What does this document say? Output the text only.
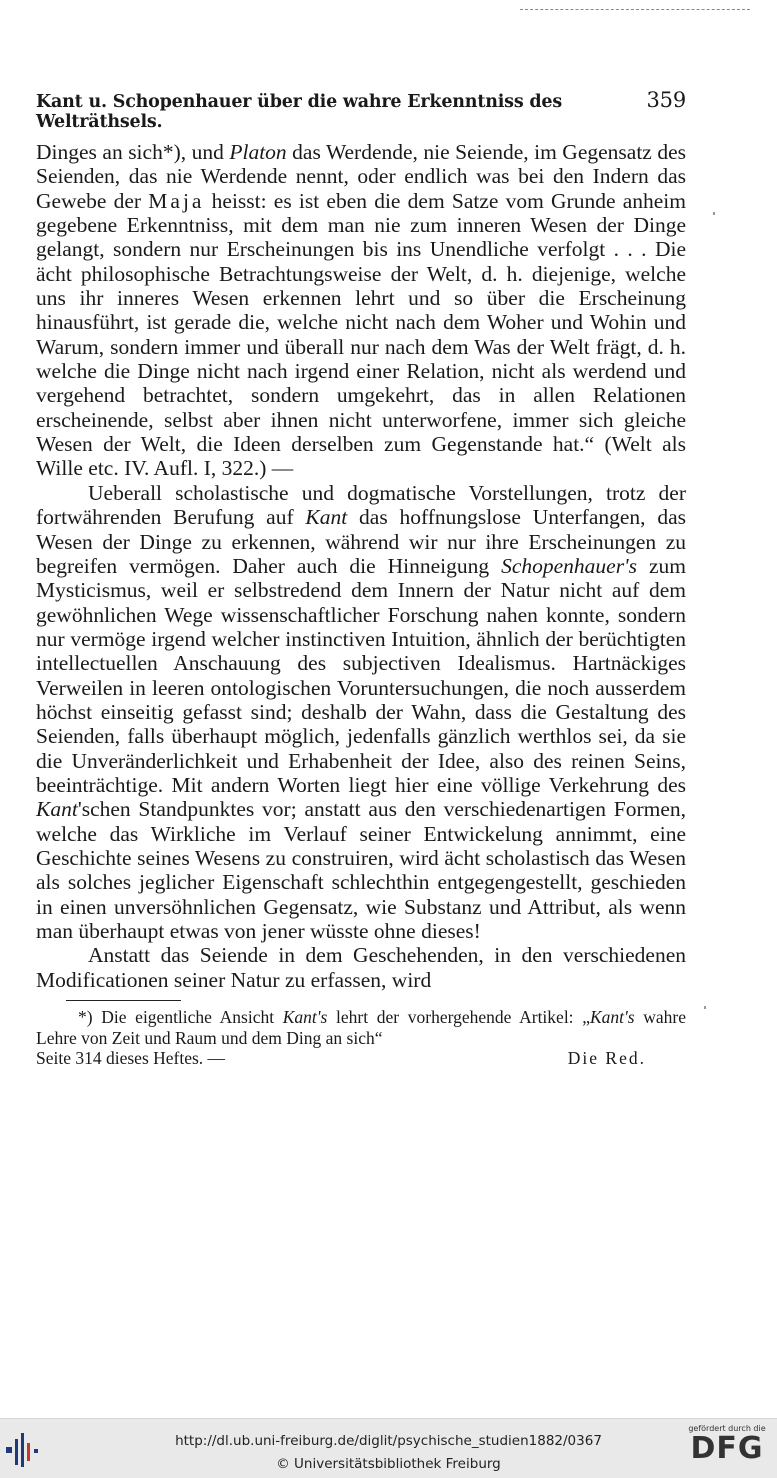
Kant u. Schopenhauer über die wahre Erkenntniss des Welträthsels.
359

Dinges an sich*), und Platon das Werdende, nie Seiende, im Gegensatz des Seienden, das nie Werdende nennt, oder endlich was bei den Indern das Gewebe der Maja heisst: es ist eben die dem Satze vom Grunde anheim gegebene Erkenntniss, mit dem man nie zum inneren Wesen der Dinge gelangt, sondern nur Erscheinungen bis ins Unendliche verfolgt . . . Die ächt philosophische Betrachtungsweise der Welt, d. h. diejenige, welche uns ihr inneres Wesen erkennen lehrt und so über die Erscheinung hinausführt, ist gerade die, welche nicht nach dem Woher und Wohin und Warum, sondern immer und überall nur nach dem Was der Welt frägt, d. h. welche die Dinge nicht nach irgend einer Relation, nicht als werdend und vergehend betrachtet, sondern umgekehrt, das in allen Relationen erscheinende, selbst aber ihnen nicht unterworfene, immer sich gleiche Wesen der Welt, die Ideen derselben zum Gegenstande hat.“ (Welt als Wille etc. IV. Aufl. I, 322.) —

Ueberall scholastische und dogmatische Vorstellungen, trotz der fortwährenden Berufung auf Kant das hoffnungslose Unterfangen, das Wesen der Dinge zu erkennen, während wir nur ihre Erscheinungen zu begreifen vermögen. Daher auch die Hinneigung Schopenhauer's zum Mysticismus, weil er selbstredend dem Innern der Natur nicht auf dem gewöhnlichen Wege wissenschaftlicher Forschung nahen konnte, sondern nur vermöge irgend welcher instinctiven Intuition, ähnlich der berüchtigten intellectuellen Anschauung des subjectiven Idealismus. Hartnäckiges Verweilen in leeren ontologischen Voruntersuchungen, die noch ausserdem höchst einseitig gefasst sind; deshalb der Wahn, dass die Gestaltung des Seienden, falls überhaupt möglich, jedenfalls gänzlich werthlos sei, da sie die Unveränderlichkeit und Erhabenheit der Idee, also des reinen Seins, beeinträchtige. Mit andern Worten liegt hier eine völlige Verkehrung des Kant'schen Standpunktes vor; anstatt aus den verschiedenartigen Formen, welche das Wirkliche im Verlauf seiner Entwickelung annimmt, eine Geschichte seines Wesens zu construiren, wird ächt scholastisch das Wesen als solches jeglicher Eigenschaft schlechthin entgegengestellt, geschieden in einen unversöhnlichen Gegensatz, wie Substanz und Attribut, als wenn man überhaupt etwas von jener wüsste ohne dieses!

Anstatt das Seiende in dem Geschehenden, in den verschiedenen Modificationen seiner Natur zu erfassen, wird

*) Die eigentliche Ansicht Kant's lehrt der vorhergehende Artikel: „Kant's wahre Lehre von Zeit und Raum und dem Ding an sich“

Seite 314 dieses Heftes. —	Die Red.

http://dl.ub.uni-freiburg.de/diglit/psychische_studien1882/0367
© Universitätsbibliothek Freiburg
gefördert durch die
DFG
